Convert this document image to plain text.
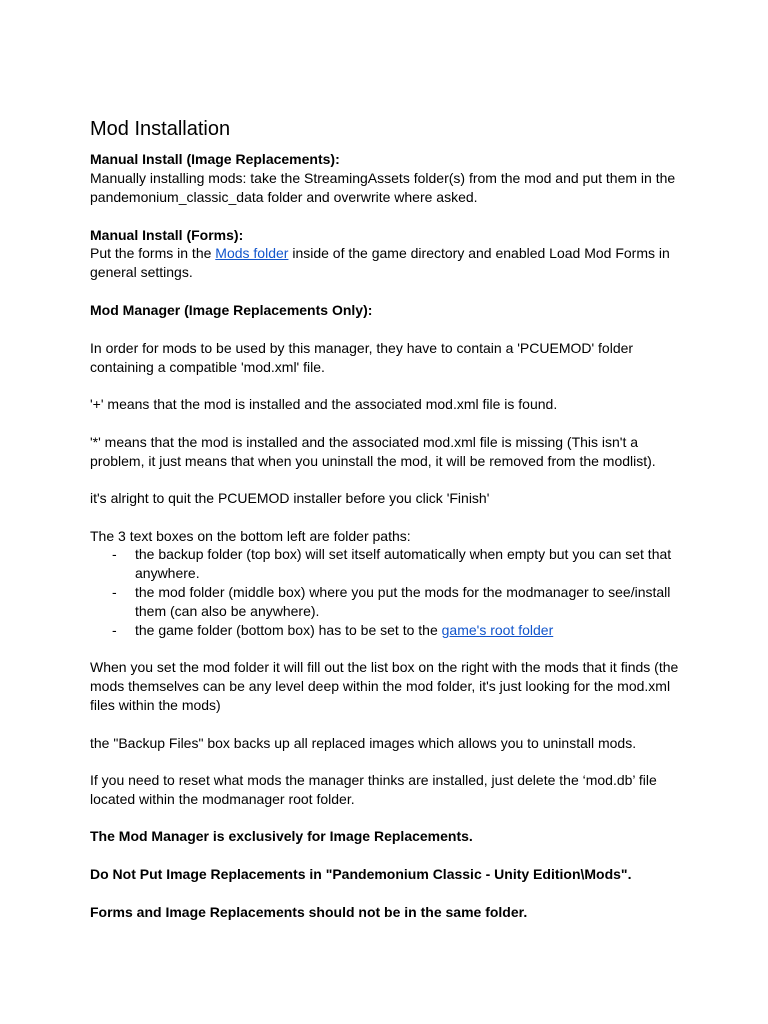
Mod Installation

Manual Install (Image Replacements):

Manually installing mods: take the StreamingAssets folder(s) from the mod and put them in the pandemonium_classic_data folder and overwrite where asked.

Manual Install (Forms):

Put the forms in the Mods folder inside of the game directory and enabled Load Mod Forms in general settings.

Mod Manager (Image Replacements Only):

In order for mods to be used by this manager, they have to contain a 'PCUEMOD' folder containing a compatible 'mod.xml' file.

'+' means that the mod is installed and the associated mod.xml file is found.

'*' means that the mod is installed and the associated mod.xml file is missing (This isn't a problem, it just means that when you uninstall the mod, it will be removed from the modlist).

it's alright to quit the PCUEMOD installer before you click 'Finish'

The 3 text boxes on the bottom left are folder paths:

- the backup folder (top box) will set itself automatically when empty but you can set that anywhere.
- the mod folder (middle box) where you put the mods for the modmanager to see/install them (can also be anywhere).
- the game folder (bottom box) has to be set to the game's root folder

When you set the mod folder it will fill out the list box on the right with the mods that it finds (the mods themselves can be any level deep within the mod folder, it's just looking for the mod.xml files within the mods)

the "Backup Files" box backs up all replaced images which allows you to uninstall mods.

If you need to reset what mods the manager thinks are installed, just delete the ‘mod.db’ file located within the modmanager root folder.

The Mod Manager is exclusively for Image Replacements.

Do Not Put Image Replacements in "Pandemonium Classic - Unity Edition\Mods".

Forms and Image Replacements should not be in the same folder.
